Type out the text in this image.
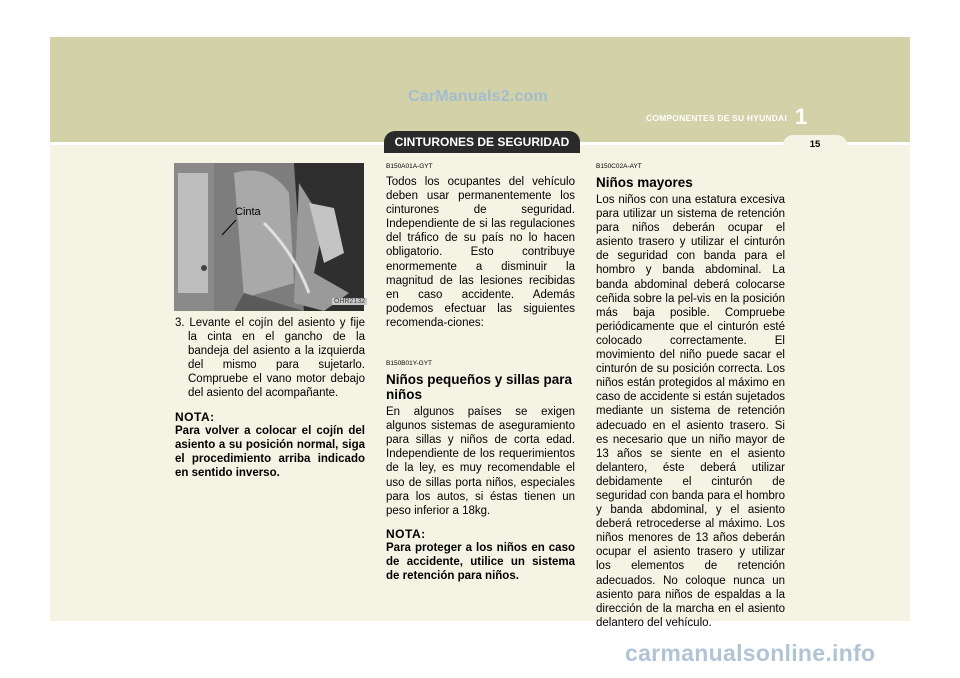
CarManuals2.com
CINTURONES DE SEGURIDAD
COMPONENTES DE SU HYUNDAI 1
15
Cinta
OHR2132
3. Levante el cojín del asiento y fije la cinta en el gancho de la bandeja del asiento a la izquierda del mismo para sujetarlo. Compruebe el vano motor debajo del asiento del acompañante.
NOTA:
Para volver a colocar el cojín del asiento a su posición normal, siga el procedimiento arriba indicado en sentido inverso.
B150A01A-GYT
Todos los ocupantes del vehículo deben usar permanentemente los cinturones de seguridad. Independiente de si las regulaciones del tráfico de su país no lo hacen obligatorio. Esto contribuye enormemente a disminuir la magnitud de las lesiones recibidas en caso accidente. Además podemos efectuar las siguientes recomenda-ciones:
B150B01Y-GYT
Niños pequeños y sillas para niños
En algunos países se exigen algunos sistemas de aseguramiento para sillas y niños de corta edad. Independiente de los requerimientos de la ley, es muy recomendable el uso de sillas porta niños, especiales para los autos, si éstas tienen un peso inferior a 18kg.
NOTA:
Para proteger a los niños en caso de accidente, utilice un sistema de retención para niños.
B150C02A-AYT
Niños mayores
Los niños con una estatura excesiva para utilizar un sistema de retención para niños deberán ocupar el asiento trasero y utilizar el cinturón de seguridad con banda para el hombro y banda abdominal. La banda abdominal deberá colocarse ceñida sobre la pel-vis en la posición más baja posible. Compruebe periódicamente que el cinturón esté colocado correctamente. El movimiento del niño puede sacar el cinturón de su posición correcta. Los niños están protegidos al máximo en caso de accidente si están sujetados mediante un sistema de retención adecuado en el asiento trasero. Si es necesario que un niño mayor de 13 años se siente en el asiento delantero, éste deberá utilizar debidamente el cinturón de seguridad con banda para el hombro y banda abdominal, y el asiento deberá retrocederse al máximo. Los niños menores de 13 años deberán ocupar el asiento trasero y utilizar los elementos de retención adecuados. No coloque nunca un asiento para niños de espaldas a la dirección de la marcha en el asiento delantero del vehículo.
carmanualsonline.info
